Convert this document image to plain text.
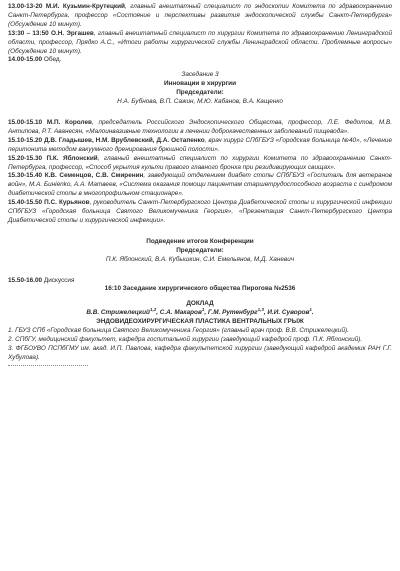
13.00-13-20 М.И. Кузьмин-Крутецкий, главный внештатный специалист по эндоскопии Комитета по здравоохранению Санкт-Петербурга, профессор «Состояние и перспективы развития эндоскопической службы Санкт-Петербурга» (Обсуждение 10 минут).

13:30 – 13:50 О.Н. Эргашев, главный внештатный специалист по хирургии Комитета по здравоохранению Ленинградской области, профессор, Прядко А.С., «Итоги работы хирургической службы Ленинградской области. Проблемные вопросы» (Обсуждение 10 минут).

14.00-15.00 Обед.

Заседание 3

Инновации в хирургии

Председатели:

Н.А. Бубнова, В.П. Сажин, М.Ю. Кабанов, В.А. Кащенко

15.00-15.10 М.П. Королев, председатель Российского Эндоскопического Общества, профессор, Л.Е. Федотов, М.В. Антипова, Р.Т. Аванесян, «Малоинвазивные технологии в лечении доброкачественных заболеваний пищевода».

15.10-15.20 Д.В. Гладышев, Н.М. Врублевский, Д.А. Остапенко, врач хирург СПбГБУЗ «Городская больница №40», «Лечение перитонита методом вакуумного дренирования брюшной полости».

15.20-15.30 П.К. Яблонский, главный внештатный специалист по хирургии Комитета по здравоохранению Санкт-Петербурга, профессор, «Способ укрытия культи правого главного бронха при резидивирующих свищах».

15.30-15.40 К.В. Семенцов, С.В. Смиренин, заведующий отделением диабет стопы СПбГБУЗ «Госпиталь для ветеранов войн», М.А. Бинienko, А.А. Матвеев, «Система оказания помощи пациентам старшетрудоспособного возраста с синдромом диабетической стопы в многопрофильном стационаре».

15.40-15.50 П.С. Курьянов, руководитель Санкт-Петербургского Центра Диабетической стопы и хирургической инфекции СПбГБУЗ «Городская больница Святого Великомученика Георгия», «Презентация Санкт-Петербургского Центра Диабетической стопы и хирургической инфекции».

Подведение итогов Конференции

Председатели:

П.К. Яблонский, В.А. Кубышкин, С.И. Емельянов, М.Д. Ханевич

15.50-16.00 Дискуссия

16:10 Заседание хирургического общества Пирогова №2536

ДОКЛАД

В.В. Стрижелецкий$^{1,2}$, С.А. Макаров$^1$, Г.М. Рутенбург$^{1,3}$, И.И. Суворов$^1$.

ЭНДОВИДЕОХИРУРГИЧЕСКАЯ ПЛАСТИКА ВЕНТРАЛЬНЫХ ГРЫЖ

1. ГБУЗ СПб «Городская больница Святого Великомученика Георгия» (главный врач проф. В.В. Стрижелецкий).

2. СПбГУ, медицинский факультет, кафедра госпитальной хирургии (заведующий кафедрой проф. П.К. Яблонский).

3. ФГБОУВО ПСПбГМУ им. акад. И.П. Павлова, кафедра факультетской хирургии (заведующий кафедрой академик РАН Г.Г. Хубулова).
